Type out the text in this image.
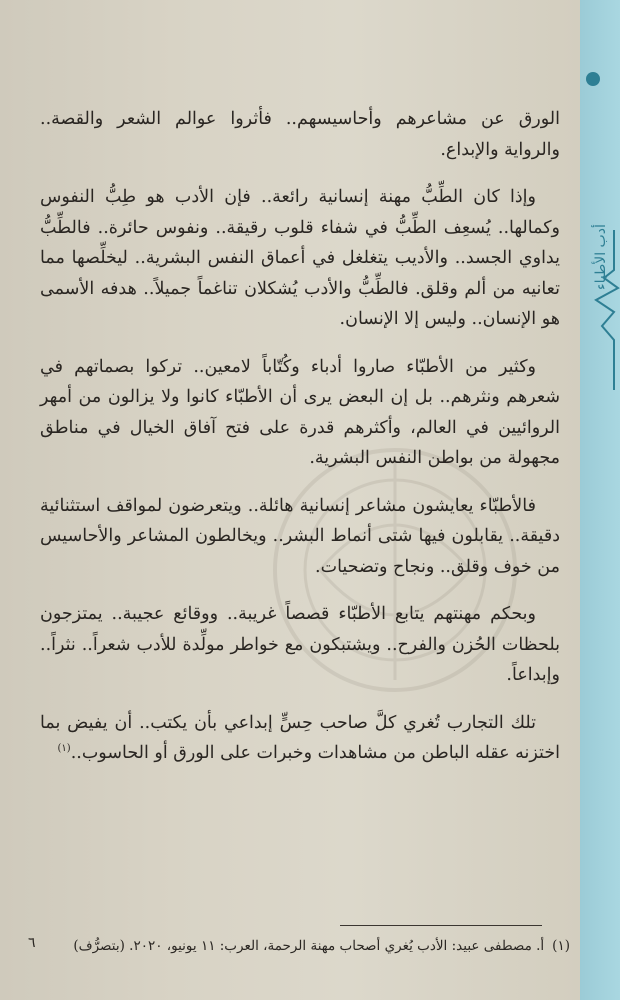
الورق عن مشاعرهم وأحاسيسهم.. فأثروا عوالم الشعر والقصة.. والرواية والإبداع.

وإذا كان الطِّبُّ مهنة إنسانية رائعة.. فإن الأدب هو طِبُّ النفوس وكمالها.. يُسعِف الطِّبُّ في شفاء قلوب رقيقة.. ونفوس حائرة.. فالطِّبُّ يداوي الجسد.. والأديب يتغلغل في أعماق النفس البشرية.. ليخلِّصها مما تعانيه من ألم وقلق. فالطِّبُّ والأدب يُشكلان تناغماً جميلاً.. هدفه الأسمى هو الإنسان.. وليس إلا الإنسان.

وكثير من الأطبّاء صاروا أدباء وكُتّاباً لامعين.. تركوا بصماتهم في شعرهم ونثرهم.. بل إن البعض يرى أن الأطبّاء كانوا ولا يزالون من أمهر الروائيين في العالم، وأكثرهم قدرة على فتح آفاق الخيال في مناطق مجهولة من بواطن النفس البشرية.

فالأطبّاء يعايشون مشاعر إنسانية هائلة.. ويتعرضون لمواقف استثنائية دقيقة.. يقابلون فيها شتى أنماط البشر.. ويخالطون المشاعر والأحاسيس من خوف وقلق.. ونجاح وتضحيات.

وبحكم مهنتهم يتابع الأطبّاء قصصاً غريبة.. ووقائع عجيبة.. يمتزجون بلحظات الحُزن والفرح.. ويشتبكون مع خواطر مولِّدة للأدب شعراً.. نثراً.. وإبداعاً.

تلك التجارب تُغري كلَّ صاحب حِسٍّ إبداعي بأن يكتب.. أن يفيض بما اختزنه عقله الباطن من مشاهدات وخبرات على الورق أو الحاسوب..$^{(١)}$

(١)أ. مصطفى عبيد: الأدب يُغري أصحاب مهنة الرحمة، العرب: ١١ يونيو، ٢٠٢٠. (بتصرُّف)
٦
أدب الأطباء
